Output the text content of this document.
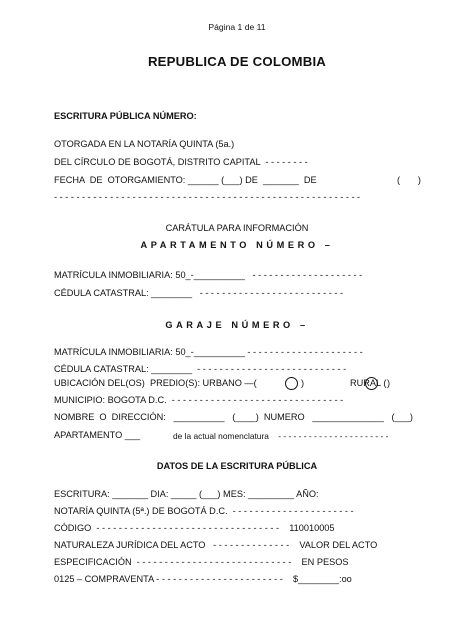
Página 1 de 11
REPUBLICA DE COLOMBIA
ESCRITURA PÚBLICA NÚMERO:
OTORGADA EN LA NOTARÍA QUINTA (5a.)
DEL CÍRCULO DE BOGOTÁ, DISTRITO CAPITAL  - - - - - - - -
FECHA  DE  OTORGAMIENTO: ______ (___) DE  _______  DE	(       )
- - - - - - - - - - - - - - - - - - - - - - - - - - - - - - - - - - - - - - - - - - - - - - - - - - - - - - -
CARÁTULA PARA INFORMACIÓN
APARTAMENTO NÚMERO –
MATRÍCULA INMOBILIARIA: 50_-__________   - - - - - - - - - - - - - - - - - - - -
CÉDULA CATASTRAL: ________   - - - - - - - - - - - - - - - - - - - - - - - - - -
GARAJE NÚMERO –
MATRÍCULA INMOBILIARIA: 50_-__________ - - - - - - - - - - - - - - - - - - - - -
CÉDULA CATASTRAL: ________  - - - - - - - - - - - - - - - - - - - - - - - - - - -
UBICACIÓN DEL(OS)  PREDIO(S): URBANO —(	)	RURAL ( )
MUNICIPIO: BOGOTA D.C.  - - - - - - - - - - - - - - - - - - - - - - - - - - - - - - -
NOMBRE  O  DIRECCIÓN:   __________   (____)  NUMERO   ______________   (___)
APARTAMENTO ___	de la actual nomenclatura    - - - - - - - - - - - - - - - - - - - - - -
DATOS DE LA ESCRITURA PÚBLICA
ESCRITURA: _______ DIA: _____ (___) MES: _________ AÑO:
NOTARÍA QUINTA (5ª.) DE BOGOTÁ D.C.  - - - - - - - - - - - - - - - - - - - - - -
CÓDIGO  - - - - - - - - - - - - - - - - - - - - - - - - - - - - - - - - -    110010005
NATURALEZA JURÍDICA DEL ACTO   - - - - - - - - - - - - - -    VALOR DEL ACTO
ESPECIFICACIÓN  - - - - - - - - - - - - - - - - - - - - - - - - - - - -    EN PESOS
0125 – COMPRAVENTA - - - - - - - - - - - - - - - - - - - - - - -    $________:oo
